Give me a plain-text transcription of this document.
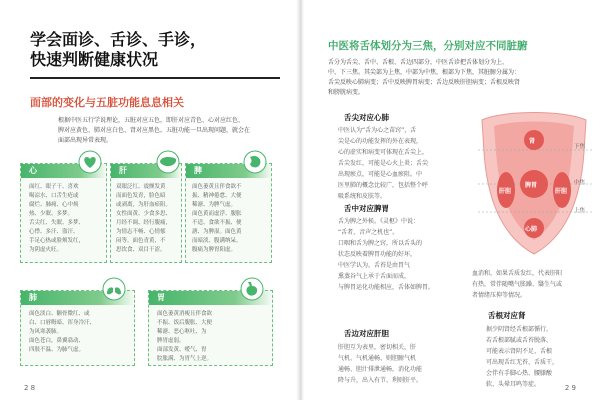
学会面诊、舌诊、手诊，
快速判断健康状况
面部的变化与五脏功能息息相关
根据中医五行学说理论，五脏对应五色，即肝对应青色、心对应红色、
脾对应黄色、肺对应白色、肾对应黑色。五脏功能一旦出现问题，就会在
面部出现异常表现。
心
面红、眼子干、喜欢
喝凉水、口舌生疮或
腐烂、肺痈、心中烦
热、少眠、多梦。
舌尖红、失眠、多梦、
心悸、多汗、盗汗、
手足心热或脸颊发红，
为阴虚火旺。
肝
双眼泛红、震颤发黄
而面色发青，脸色暗
或剥离，为肝血瘀阻。
女性面黄、少食多思、
月经不调、经行腹痛，
为情志不畅、心情郁
闷等。面色青黄，不
思饮食、双目干涩。
脾
面色萎黄且伴食欲不
振、精神倦怠、大便
稀溏、为脾气虚。
面色黄而虚浮、腹胀
不适、食欲不振、便
溏、为脾湿。面色黄
而暗淡、腹满纳呆。
腹痛为脾胃阳虚。
肺
面色淡白、颧骨微红、或
白、口唇晦暗、浑身冷汗、
为风寒袭肺。
面色苍白，鼻翼翕动、
四肢不温、为肺气虚。
胃
面色萎黄消瘦且伴食欲
不振、饭后腹胀、大便
稀溏、恶心呕吐、为
脾胃虚弱。
面部发黄、嗳气、胃
脘胀满、为胃气上逆。
2 8
中医将舌体划分为三焦，分别对应不同脏腑
舌分为舌尖、舌中、舌根、舌边四部分，中医舌诊把舌体划分为上、
中、下三焦。其尖部为上焦，中部为中焦，根部为下焦，其脏腑分属为：
舌尖反映心肺病变；舌中反映脾胃病变；舌边反映肝胆病变；舌根反映肾
和膀胱病变。
舌尖对应心肺
中医认为“舌为心之苗窍”，舌
尖是心的功能发挥的外在表现，
心的虚实和病变可体现在舌尖上，
舌尖发红，可能是心火上炎；舌尖
出现瘀点，可能是心血瘀阻。中
医里肺的概念比较广，包括整个呼
吸系统和皮肤等。
舌中对应脾胃
舌为脾之外候。《灵枢》中说：
“舌者，音声之机也”。
口咽和舌为脾之窍，所以舌头的
状态反映着脾胃功能的好坏，
中医学认为，舌苔是由胃气
熏蒸谷气上承于舌面而成，
与脾胃运化功能相应，舌体如脾胃。
舌边对应肝胆
肝胆互为表里，密切相关，肝
气机、气机通畅、则胆腑气机
通畅、胆汁排泄通畅，消化功能
降与升，出入有节、利则肝平。
下焦
中焦
上焦
肾
脾胃
肝胆	肝胆
心肺
血消和，如果舌质发红，代表肝阳
有热，常伴随嘴气胀躁、翳生气或
者情绪压抑等情况。
舌根对应肾
据少阴肾经舌根部循行，
若舌根部腻或舌苔脱落、
可能表示肾阴不足、舌根
可出现舌红无苔、舌质干，
会伴有手脚心热、腰膝酸
软、头晕耳鸣等症。	2 9
